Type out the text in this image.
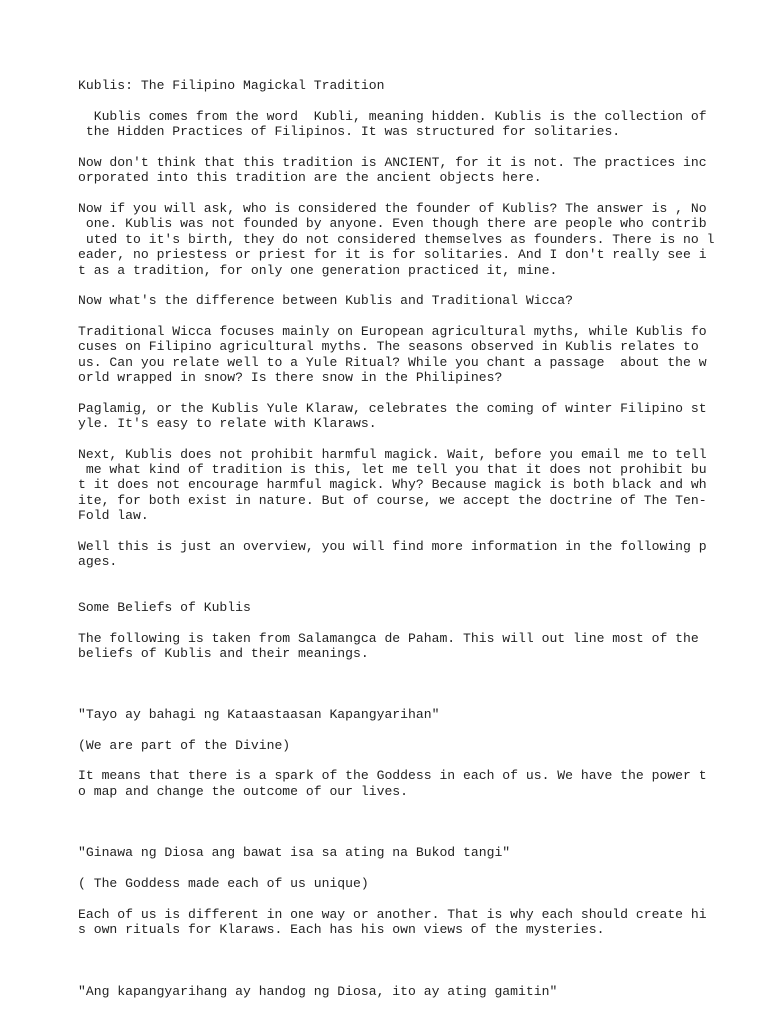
Kublis: The Filipino Magickal Tradition

Kublis comes from the word  Kubli, meaning hidden. Kublis is the collection of

the Hidden Practices of Filipinos. It was structured for solitaries.

Now don't think that this tradition is ANCIENT, for it is not. The practices inc

orporated into this tradition are the ancient objects here.

Now if you will ask, who is considered the founder of Kublis? The answer is , No

one. Kublis was not founded by anyone. Even though there are people who contrib

uted to it's birth, they do not considered themselves as founders. There is no l

eader, no priestess or priest for it is for solitaries. And I don't really see i

t as a tradition, for only one generation practiced it, mine.

Now what's the difference between Kublis and Traditional Wicca?

Traditional Wicca focuses mainly on European agricultural myths, while Kublis fo

cuses on Filipino agricultural myths. The seasons observed in Kublis relates to

us. Can you relate well to a Yule Ritual? While you chant a passage  about the w

orld wrapped in snow? Is there snow in the Philipines?

Paglamig, or the Kublis Yule Klaraw, celebrates the coming of winter Filipino st

yle. It's easy to relate with Klaraws.

Next, Kublis does not prohibit harmful magick. Wait, before you email me to tell

me what kind of tradition is this, let me tell you that it does not prohibit bu

t it does not encourage harmful magick. Why? Because magick is both black and wh

ite, for both exist in nature. But of course, we accept the doctrine of The Ten-

Fold law.

Well this is just an overview, you will find more information in the following p

ages.

Some Beliefs of Kublis

The following is taken from Salamangca de Paham. This will out line most of the

beliefs of Kublis and their meanings.

"Tayo ay bahagi ng Kataastaasan Kapangyarihan"

(We are part of the Divine)

It means that there is a spark of the Goddess in each of us. We have the power t

o map and change the outcome of our lives.

"Ginawa ng Diosa ang bawat isa sa ating na Bukod tangi"

( The Goddess made each of us unique)

Each of us is different in one way or another. That is why each should create hi

s own rituals for Klaraws. Each has his own views of the mysteries.

"Ang kapangyarihang ay handog ng Diosa, ito ay ating gamitin"
